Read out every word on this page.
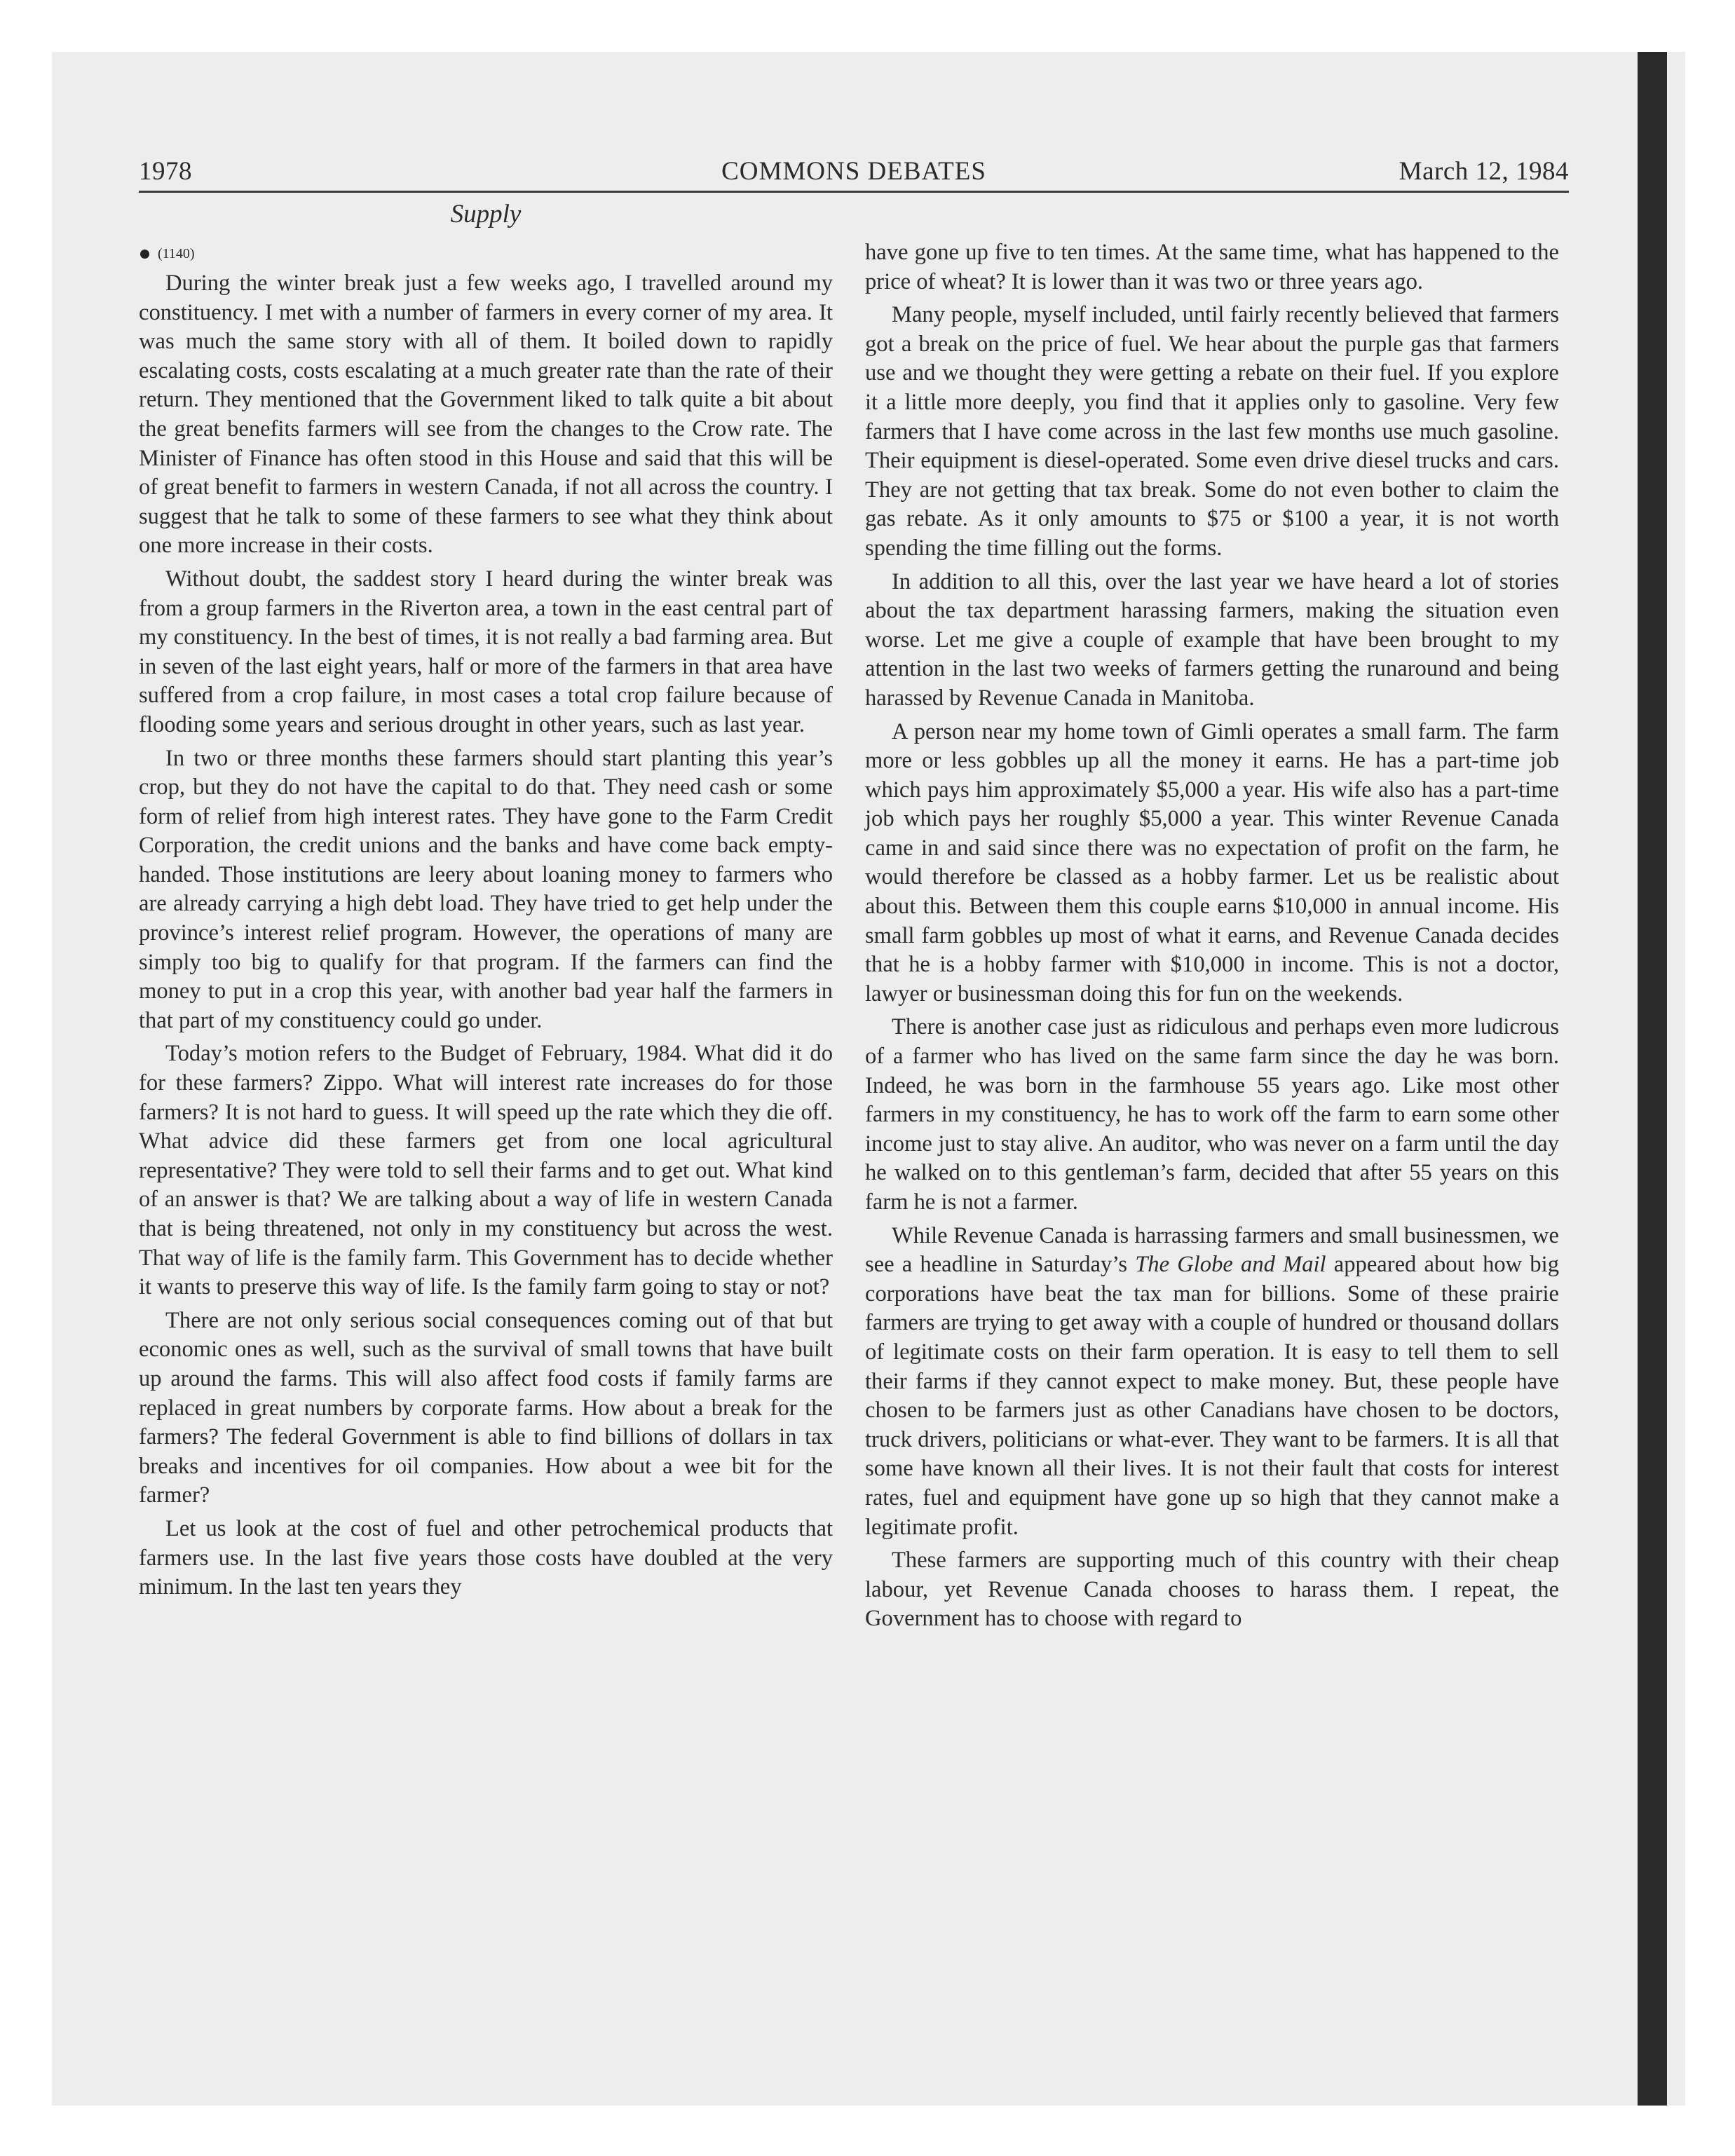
1978	COMMONS DEBATES	March 12, 1984
Supply
(1140)

During the winter break just a few weeks ago, I travelled around my constituency. I met with a number of farmers in every corner of my area. It was much the same story with all of them. It boiled down to rapidly escalating costs, costs escalating at a much greater rate than the rate of their return. They mentioned that the Government liked to talk quite a bit about the great benefits farmers will see from the changes to the Crow rate. The Minister of Finance has often stood in this House and said that this will be of great benefit to farmers in western Canada, if not all across the country. I suggest that he talk to some of these farmers to see what they think about one more increase in their costs.

Without doubt, the saddest story I heard during the winter break was from a group farmers in the Riverton area, a town in the east central part of my constituency. In the best of times, it is not really a bad farming area. But in seven of the last eight years, half or more of the farmers in that area have suffered from a crop failure, in most cases a total crop failure because of flooding some years and serious drought in other years, such as last year.

In two or three months these farmers should start planting this year’s crop, but they do not have the capital to do that. They need cash or some form of relief from high interest rates. They have gone to the Farm Credit Corporation, the credit unions and the banks and have come back empty-handed. Those institutions are leery about loaning money to farmers who are already carrying a high debt load. They have tried to get help under the province’s interest relief program. However, the operations of many are simply too big to qualify for that program. If the farmers can find the money to put in a crop this year, with another bad year half the farmers in that part of my constituency could go under.

Today’s motion refers to the Budget of February, 1984. What did it do for these farmers? Zippo. What will interest rate increases do for those farmers? It is not hard to guess. It will speed up the rate which they die off. What advice did these farmers get from one local agricultural representative? They were told to sell their farms and to get out. What kind of an answer is that? We are talking about a way of life in western Canada that is being threatened, not only in my constituency but across the west. That way of life is the family farm. This Government has to decide whether it wants to preserve this way of life. Is the family farm going to stay or not?

There are not only serious social consequences coming out of that but economic ones as well, such as the survival of small towns that have built up around the farms. This will also affect food costs if family farms are replaced in great numbers by corporate farms. How about a break for the farmers? The federal Government is able to find billions of dollars in tax breaks and incentives for oil companies. How about a wee bit for the farmer?

Let us look at the cost of fuel and other petrochemical products that farmers use. In the last five years those costs have doubled at the very minimum. In the last ten years they

have gone up five to ten times. At the same time, what has happened to the price of wheat? It is lower than it was two or three years ago.

Many people, myself included, until fairly recently believed that farmers got a break on the price of fuel. We hear about the purple gas that farmers use and we thought they were getting a rebate on their fuel. If you explore it a little more deeply, you find that it applies only to gasoline. Very few farmers that I have come across in the last few months use much gasoline. Their equipment is diesel-operated. Some even drive diesel trucks and cars. They are not getting that tax break. Some do not even bother to claim the gas rebate. As it only amounts to $75 or $100 a year, it is not worth spending the time filling out the forms.

In addition to all this, over the last year we have heard a lot of stories about the tax department harassing farmers, making the situation even worse. Let me give a couple of example that have been brought to my attention in the last two weeks of farmers getting the runaround and being harassed by Revenue Canada in Manitoba.

A person near my home town of Gimli operates a small farm. The farm more or less gobbles up all the money it earns. He has a part-time job which pays him approximately $5,000 a year. His wife also has a part-time job which pays her roughly $5,000 a year. This winter Revenue Canada came in and said since there was no expectation of profit on the farm, he would therefore be classed as a hobby farmer. Let us be realistic about about this. Between them this couple earns $10,000 in annual income. His small farm gobbles up most of what it earns, and Revenue Canada decides that he is a hobby farmer with $10,000 in income. This is not a doctor, lawyer or businessman doing this for fun on the weekends.

There is another case just as ridiculous and perhaps even more ludicrous of a farmer who has lived on the same farm since the day he was born. Indeed, he was born in the farmhouse 55 years ago. Like most other farmers in my constituency, he has to work off the farm to earn some other income just to stay alive. An auditor, who was never on a farm until the day he walked on to this gentleman’s farm, decided that after 55 years on this farm he is not a farmer.

While Revenue Canada is harrassing farmers and small businessmen, we see a headline in Saturday’s The Globe and Mail appeared about how big corporations have beat the tax man for billions. Some of these prairie farmers are trying to get away with a couple of hundred or thousand dollars of legitimate costs on their farm operation. It is easy to tell them to sell their farms if they cannot expect to make money. But, these people have chosen to be farmers just as other Canadians have chosen to be doctors, truck drivers, politicians or what-ever. They want to be farmers. It is all that some have known all their lives. It is not their fault that costs for interest rates, fuel and equipment have gone up so high that they cannot make a legitimate profit.

These farmers are supporting much of this country with their cheap labour, yet Revenue Canada chooses to harass them. I repeat, the Government has to choose with regard to
